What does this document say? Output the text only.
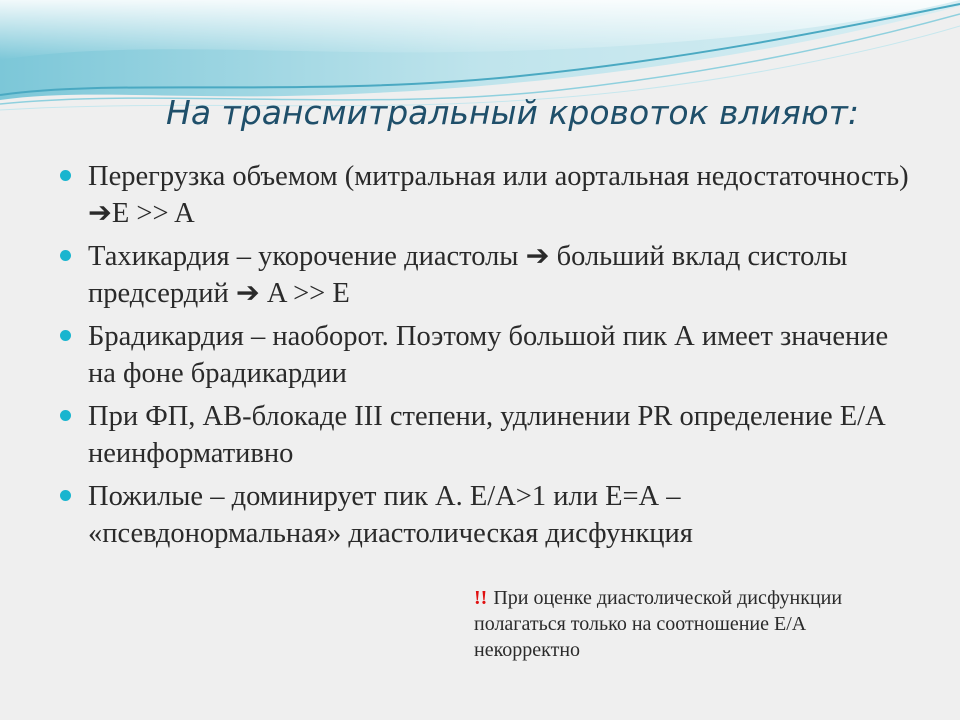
На трансмитральный кровоток влияют:
Перегрузка объемом (митральная или аортальная недостаточность) ➔E >> A
Тахикардия – укорочение диастолы ➔ больший вклад систолы предсердий ➔ A >> E
Брадикардия – наоборот. Поэтому большой пик А имеет значение на фоне брадикардии
При ФП, АВ-блокаде III степени, удлинении PR определение Е/А неинформативно
Пожилые – доминирует пик А. Е/А>1 или Е=А – «псевдонормальная» диастолическая дисфункция
!! При оценке диастолической дисфункции полагаться только на соотношение Е/А некорректно
